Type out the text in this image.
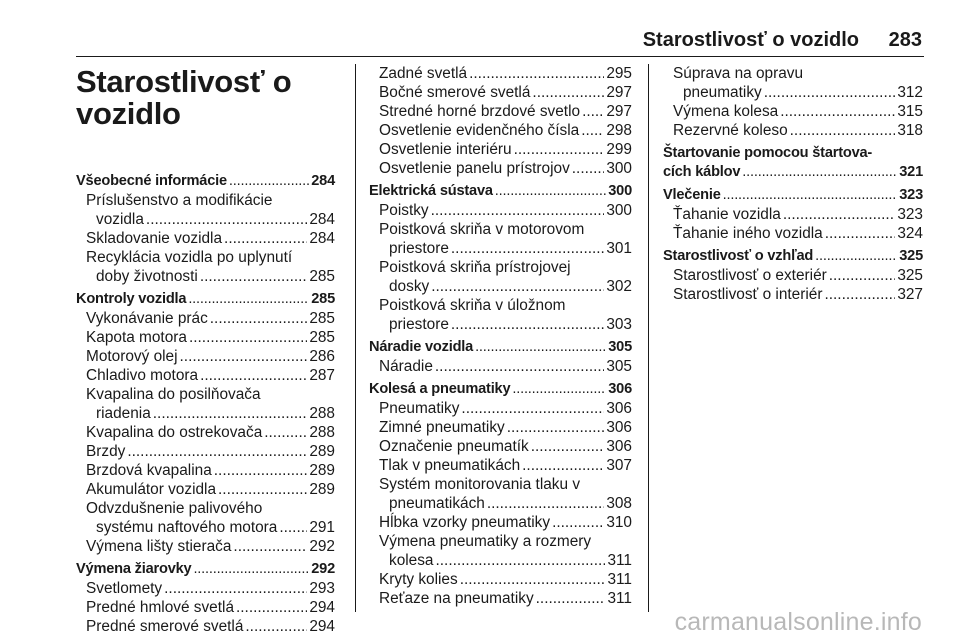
Starostlivosť o vozidlo 283
Starostlivosť o vozidlo
Všeobecné informácie .....	284
Príslušenstvo a modifikácie
vozidla .....	284
Skladovanie vozidla .....	284
Recyklácia vozidla po uplynutí
doby životnosti .....	285
Kontroly vozidla .....	285
Vykonávanie prác .....	285
Kapota motora .....	285
Motorový olej .....	286
Chladivo motora .....	287
Kvapalina do posilňovača
riadenia .....	288
Kvapalina do ostrekovača .....	288
Brzdy .....	289
Brzdová kvapalina .....	289
Akumulátor vozidla .....	289
Odvzdušnenie palivového
systému naftového motora ..... 291
Výmena lišty stierača .....	292
Výmena žiarovky .....	292
Svetlomety .....	293
Predné hmlové svetlá .....	294
Predné smerové svetlá .....	294
Zadné svetlá .....	295
Bočné smerové svetlá .....	297
Stredné horné brzdové svetlo ..... 297
Osvetlenie evidenčného čísla ..... 298
Osvetlenie interiéru .....	299
Osvetlenie panelu prístrojov ..... 300
Elektrická sústava .....	300
Poistky .....	300
Poistková skriňa v motorovom
priestore .....	301
Poistková skriňa prístrojovej
dosky .....	302
Poistková skriňa v úložnom
priestore .....	303
Náradie vozidla .....	305
Náradie .....	305
Kolesá a pneumatiky .....	306
Pneumatiky .....	306
Zimné pneumatiky .....	306
Označenie pneumatík .....	306
Tlak v pneumatikách .....	307
Systém monitorovania tlaku v
pneumatikách .....	308
Hĺbka vzorky pneumatiky .....	310
Výmena pneumatiky a rozmery
kolesa .....	311
Kryty kolies .....	311
Reťaze na pneumatiky .....	311
Súprava na opravu
pneumatiky .....	312
Výmena kolesa .....	315
Rezervné koleso .....	318
Štartovanie pomocou štartova-
cích káblov .....	321
Vlečenie .....	323
Ťahanie vozidla .....	323
Ťahanie iného vozidla .....	324
Starostlivosť o vzhľad .....	325
Starostlivosť o exteriér .....	325
Starostlivosť o interiér .....	327
carmanualsonline.info
